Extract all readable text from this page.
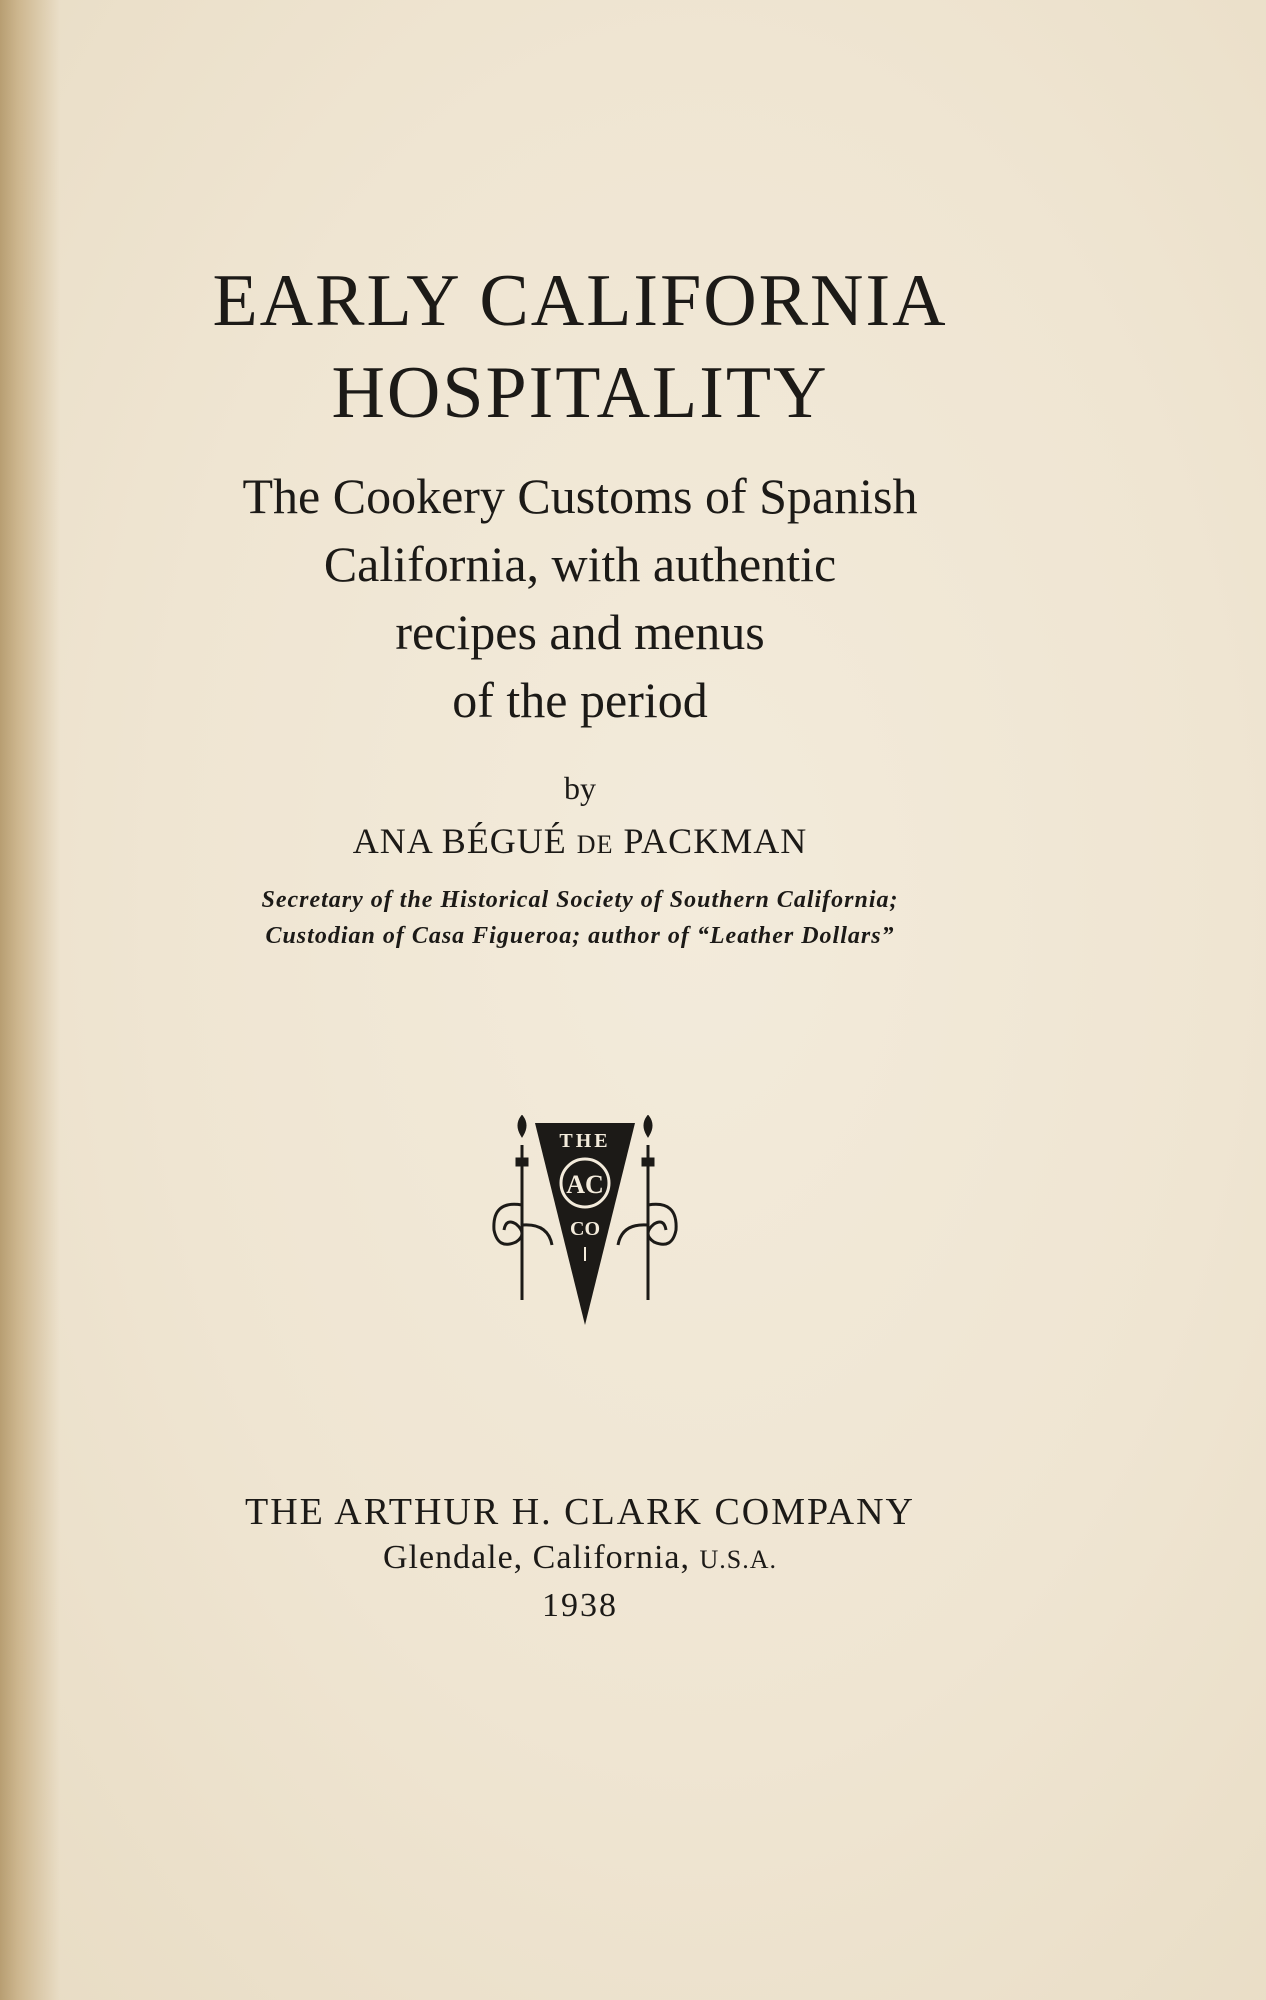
EARLY CALIFORNIA
HOSPITALITY
The Cookery Customs of Spanish
California, with authentic
recipes and menus
of the period
by
ANA BÉGUÉ DE PACKMAN
Secretary of the Historical Society of Southern California;
Custodian of Casa Figueroa; author of “Leather Dollars”
THE
AC
CO
THE ARTHUR H. CLARK COMPANY
Glendale, California, U.S.A.
1938
